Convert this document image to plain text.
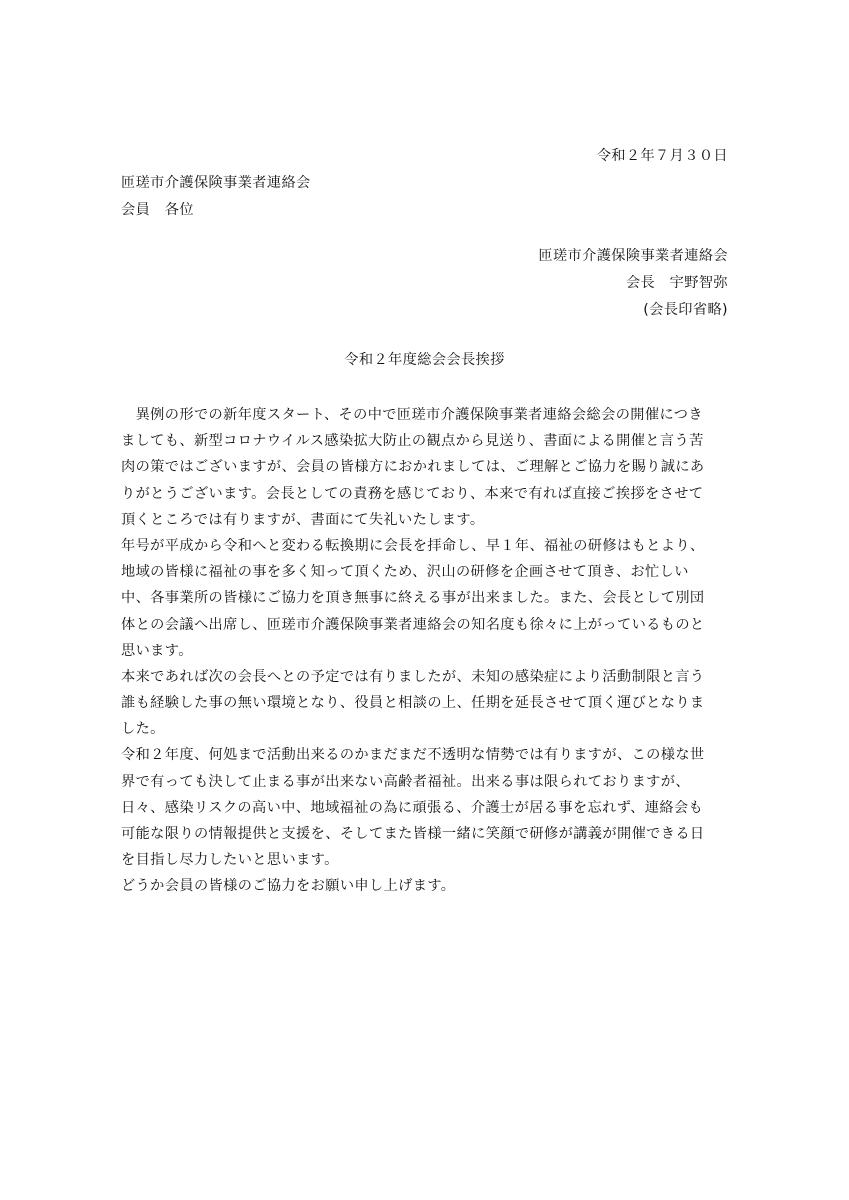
令和２年７月３０日
匝瑳市介護保険事業者連絡会
会員　各位
匝瑳市介護保険事業者連絡会
会長　宇野智弥
(会長印省略)
令和２年度総会会長挨拶
　異例の形での新年度スタート、その中で匝瑳市介護保険事業者連絡会総会の開催につき
ましても、新型コロナウイルス感染拡大防止の観点から見送り、書面による開催と言う苦
肉の策ではございますが、会員の皆様方におかれましては、ご理解とご協力を賜り誠にあ
りがとうございます。会長としての責務を感じており、本来で有れば直接ご挨拶をさせて
頂くところでは有りますが、書面にて失礼いたします。
年号が平成から令和へと変わる転換期に会長を拝命し、早１年、福祉の研修はもとより、
地域の皆様に福祉の事を多く知って頂くため、沢山の研修を企画させて頂き、お忙しい
中、各事業所の皆様にご協力を頂き無事に終える事が出来ました。また、会長として別団
体との会議へ出席し、匝瑳市介護保険事業者連絡会の知名度も徐々に上がっているものと
思います。
本来であれば次の会長へとの予定では有りましたが、未知の感染症により活動制限と言う
誰も経験した事の無い環境となり、役員と相談の上、任期を延長させて頂く運びとなりま
した。
令和２年度、何処まで活動出来るのかまだまだ不透明な情勢では有りますが、この様な世
界で有っても決して止まる事が出来ない高齢者福祉。出来る事は限られておりますが、
日々、感染リスクの高い中、地域福祉の為に頑張る、介護士が居る事を忘れず、連絡会も
可能な限りの情報提供と支援を、そしてまた皆様一緒に笑顔で研修が講義が開催できる日
を目指し尽力したいと思います。
どうか会員の皆様のご協力をお願い申し上げます。
